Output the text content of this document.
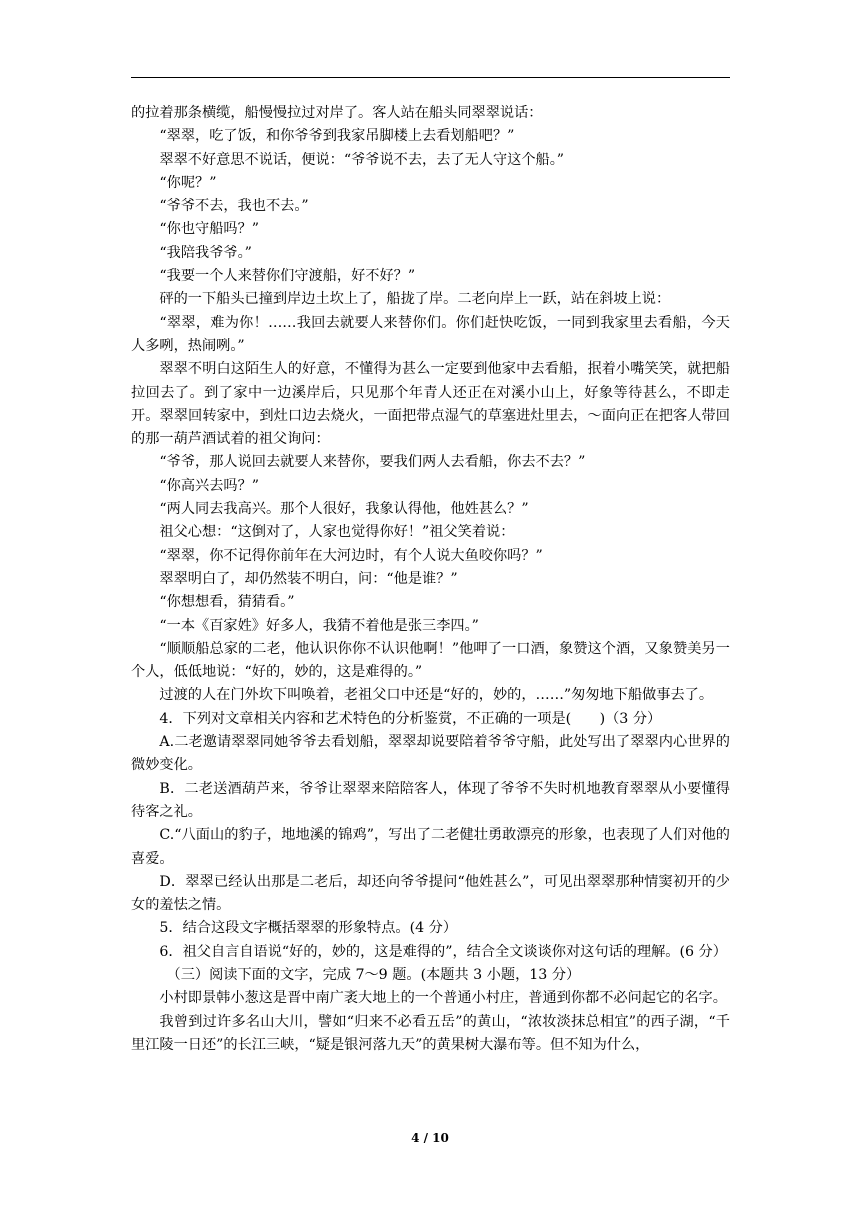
的拉着那条横缆，船慢慢拉过对岸了。客人站在船头同翠翠说话：

“翠翠，吃了饭，和你爷爷到我家吊脚楼上去看划船吧？”

翠翠不好意思不说话，便说：“爷爷说不去，去了无人守这个船。”

“你呢？”

“爷爷不去，我也不去。”

“你也守船吗？”

“我陪我爷爷。”

“我要一个人来替你们守渡船，好不好？”

砰的一下船头已撞到岸边土坎上了，船拢了岸。二老向岸上一跃，站在斜坡上说：

“翠翠，难为你！……我回去就要人来替你们。你们赶快吃饭，一同到我家里去看船，今天人多咧，热闹咧。”

翠翠不明白这陌生人的好意，不懂得为甚么一定要到他家中去看船，抿着小嘴笑笑，就把船拉回去了。到了家中一边溪岸后，只见那个年青人还正在对溪小山上，好象等待甚么，不即走开。翠翠回转家中，到灶口边去烧火，一面把带点湿气的草塞进灶里去，～面向正在把客人带回的那一葫芦酒试着的祖父询问：

“爷爷，那人说回去就要人来替你，要我们两人去看船，你去不去？”

“你高兴去吗？”

“两人同去我高兴。那个人很好，我象认得他，他姓甚么？”

祖父心想：“这倒对了，人家也觉得你好！”祖父笑着说：

“翠翠，你不记得你前年在大河边时，有个人说大鱼咬你吗？”

翠翠明白了，却仍然装不明白，问：“他是谁？”

“你想想看，猜猜看。”

“一本《百家姓》好多人，我猜不着他是张三李四。”

“顺顺船总家的二老，他认识你你不认识他啊！”他呷了一口酒，象赞这个酒，又象赞美另一个人，低低地说：“好的，妙的，这是难得的。”

过渡的人在门外坎下叫唤着，老祖父口中还是“好的，妙的，……”匆匆地下船做事去了。

4．下列对文章相关内容和艺术特色的分析鉴赏，不正确的一项是(　　)（3 分）

A.二老邀请翠翠同她爷爷去看划船，翠翠却说要陪着爷爷守船，此处写出了翠翠内心世界的微妙变化。

B．二老送酒葫芦来，爷爷让翠翠来陪陪客人，体现了爷爷不失时机地教育翠翠从小要懂得待客之礼。

C.“八面山的豹子，地地溪的锦鸡”，写出了二老健壮勇敢漂亮的形象，也表现了人们对他的喜爱。

D．翠翠已经认出那是二老后，却还向爷爷提问“他姓甚么”，可见出翠翠那种情窦初开的少女的羞怯之情。

5．结合这段文字概括翠翠的形象特点。(4 分）

6．祖父自言自语说“好的，妙的，这是难得的”，结合全文谈谈你对这句话的理解。(6 分）

（三）阅读下面的文字，完成 7～9 题。(本题共 3 小题，13 分）

小村即景韩小葱这是晋中南广袤大地上的一个普通小村庄，普通到你都不必问起它的名字。

我曾到过许多名山大川，譬如“归来不必看五岳”的黄山，“浓妆淡抹总相宜”的西子湖，“千里江陵一日还”的长江三峡，“疑是银河落九天”的黄果树大瀑布等。但不知为什么，

4 / 10
